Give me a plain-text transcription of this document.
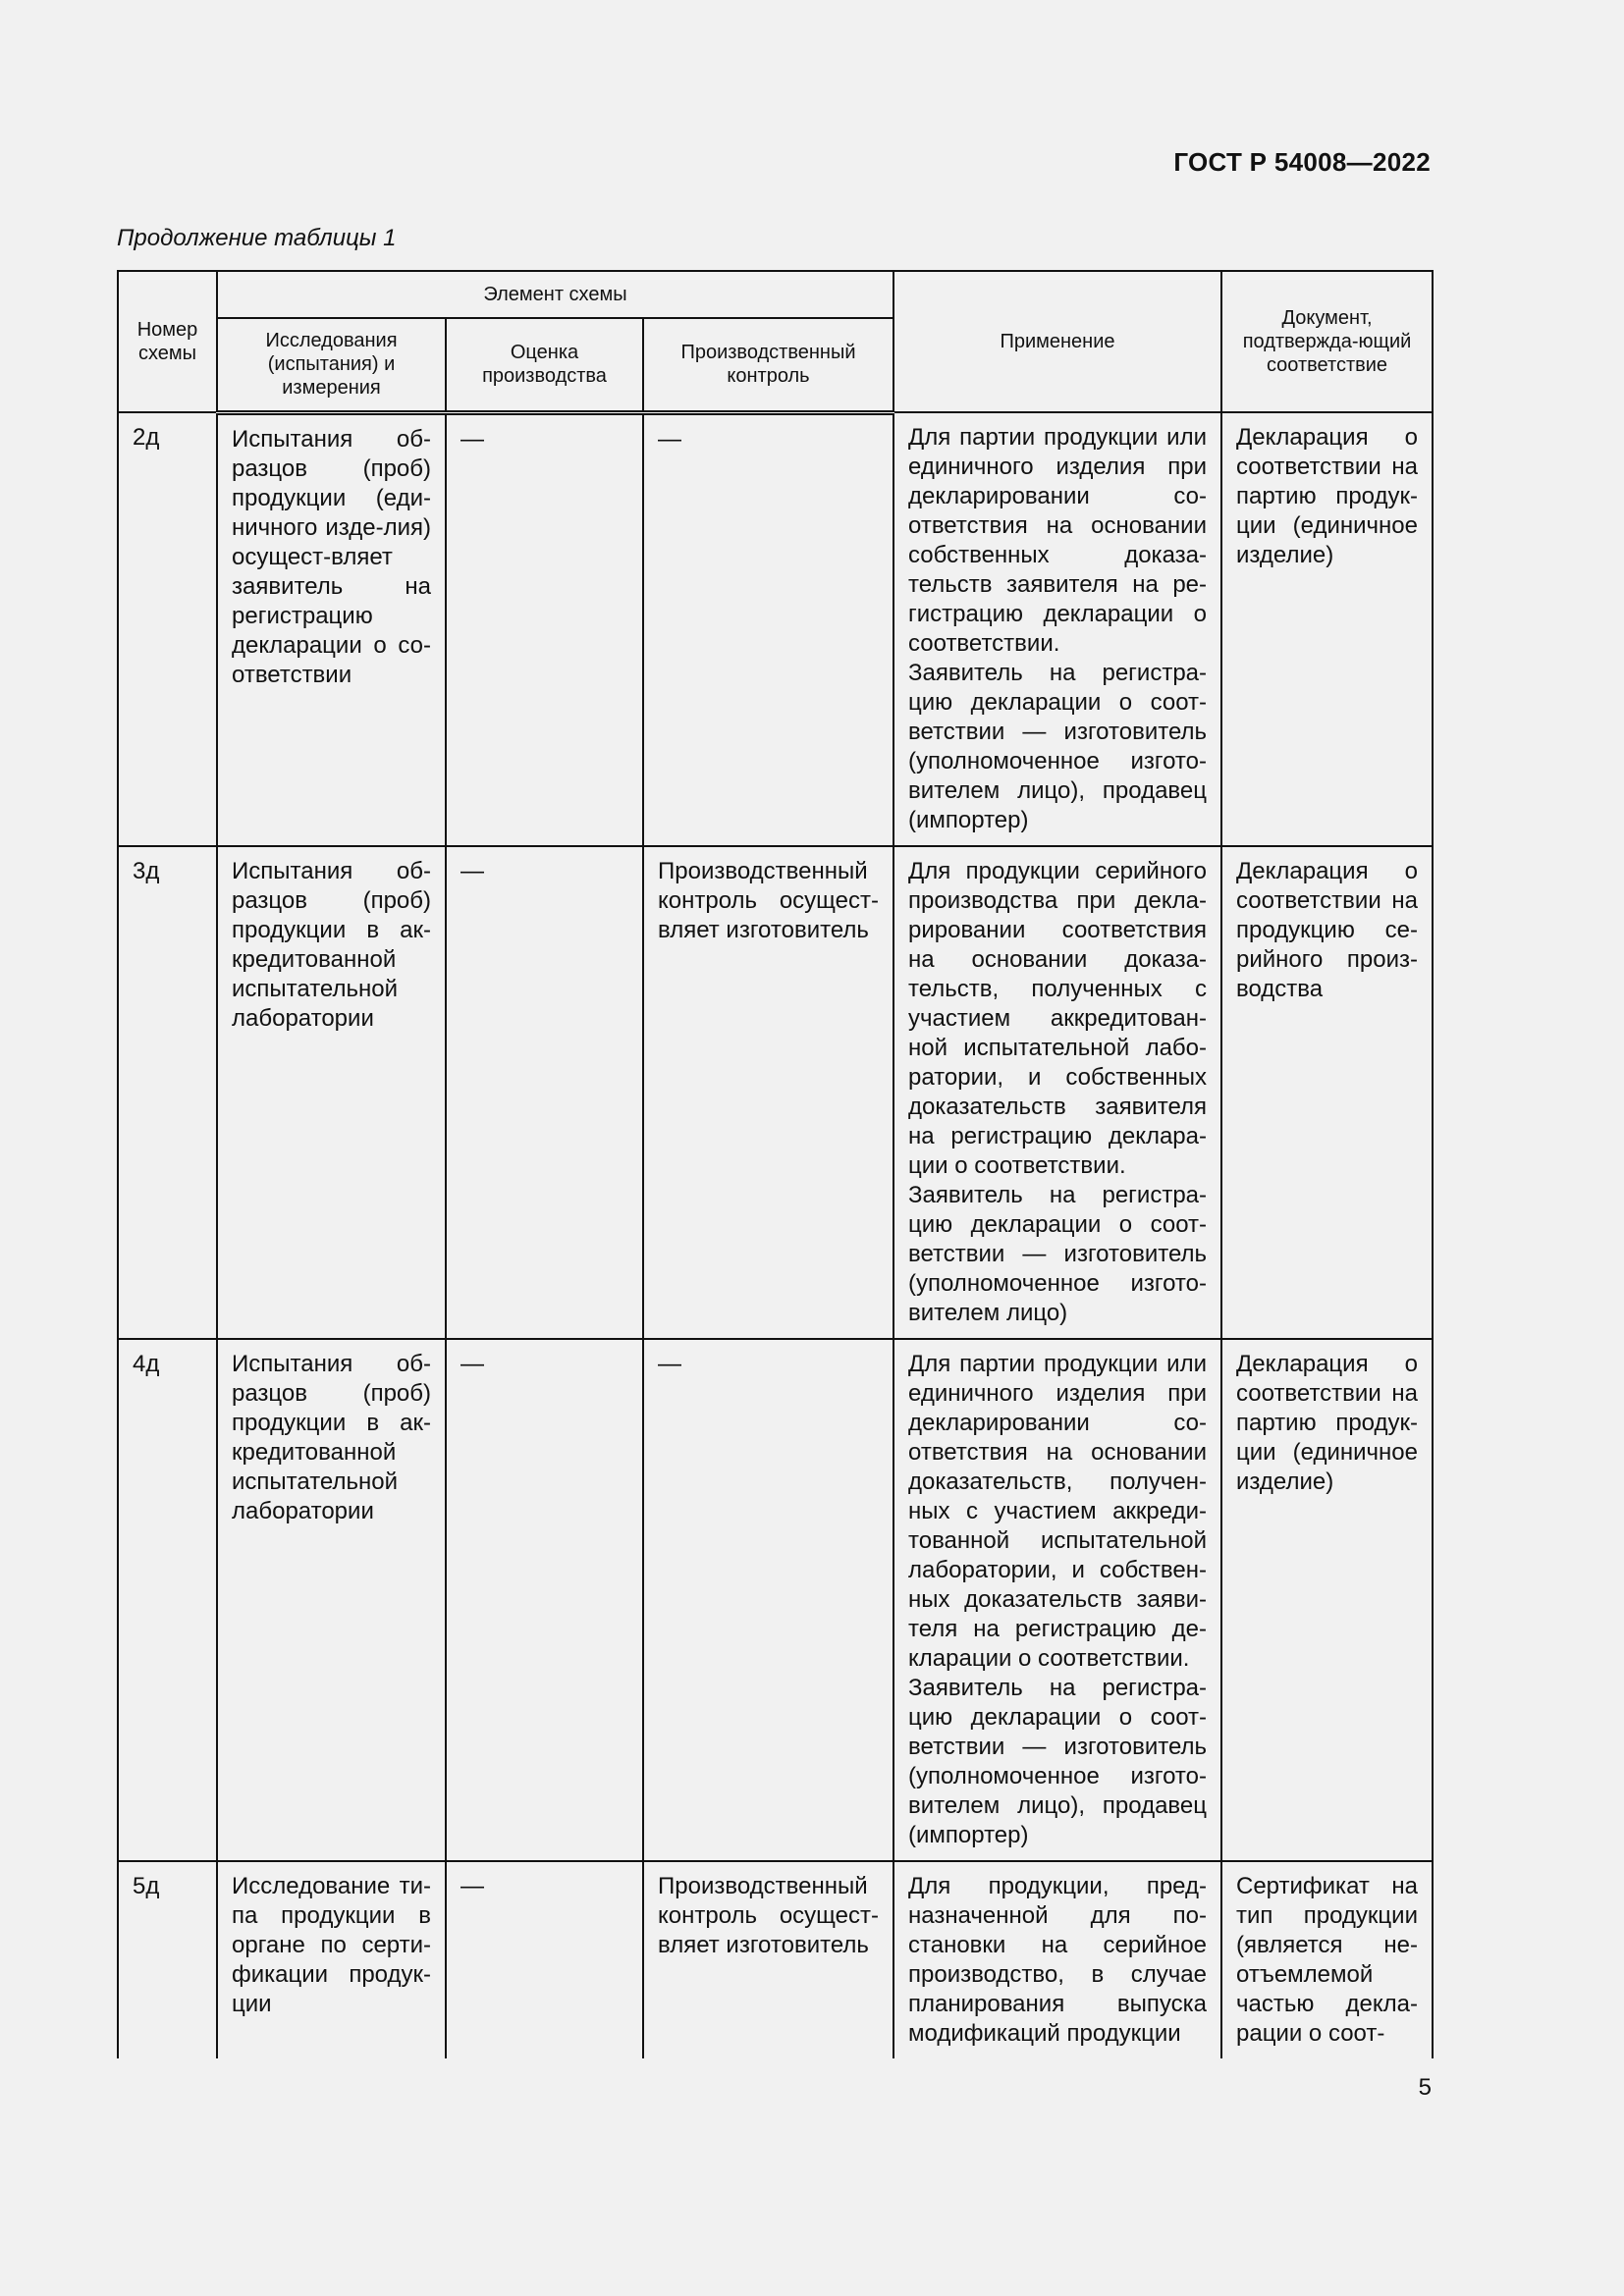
ГОСТ Р 54008—2022
Продолжение таблицы 1
Номер схемы	Элемент схемы			Применение	Документ, подтвержда-ющий соответствие
	Исследования (испытания) и измерения	Оценка производства	Производственный контроль		
2д	Испытания об-разцов (проб) продукции (еди-ничного изде-лия) осущест-вляет заявитель на регистрацию декларации о со-ответствии	—	—	Для партии продукции или единичного изделия при декларировании со-ответствия на основании собственных доказа-тельств заявителя на ре-гистрацию декларации о соответствии.
Заявитель на регистра-цию декларации о соот-ветствии — изготовитель (уполномоченное изгото-вителем лицо), продавец (импортер)	Декларация о соответствии на партию продук-ции (единичное изделие)
3д	Испытания об-разцов (проб) продукции в ак-кредитованной испытательной лаборатории	—	Производственный контроль осущест-вляет изготовитель	Для продукции серийного производства при декла-рировании соответствия на основании доказа-тельств, полученных с участием аккредитован-ной испытательной лабо-ратории, и собственных доказательств заявителя на регистрацию деклара-ции о соответствии.
Заявитель на регистра-цию декларации о соот-ветствии — изготовитель (уполномоченное изгото-вителем лицо)	Декларация о соответствии на продукцию се-рийного произ-водства
4д	Испытания об-разцов (проб) продукции в ак-кредитованной испытательной лаборатории	—	—	Для партии продукции или единичного изделия при декларировании со-ответствия на основании доказательств, получен-ных с участием аккреди-тованной испытательной лаборатории, и собствен-ных доказательств заяви-теля на регистрацию де-кларации о соответствии.
Заявитель на регистра-цию декларации о соот-ветствии — изготовитель (уполномоченное изгото-вителем лицо), продавец (импортер)	Декларация о соответствии на партию продук-ции (единичное изделие)
5д	Исследование ти-па продукции в органе по серти-фикации продук-ции	—	Производственный контроль осущест-вляет изготовитель	Для продукции, пред-назначенной для по-становки на серийное производство, в случае планирования выпуска модификаций продукции	Сертификат на тип продукции (является не-отъемлемой частью декла-рации о соот-
5
